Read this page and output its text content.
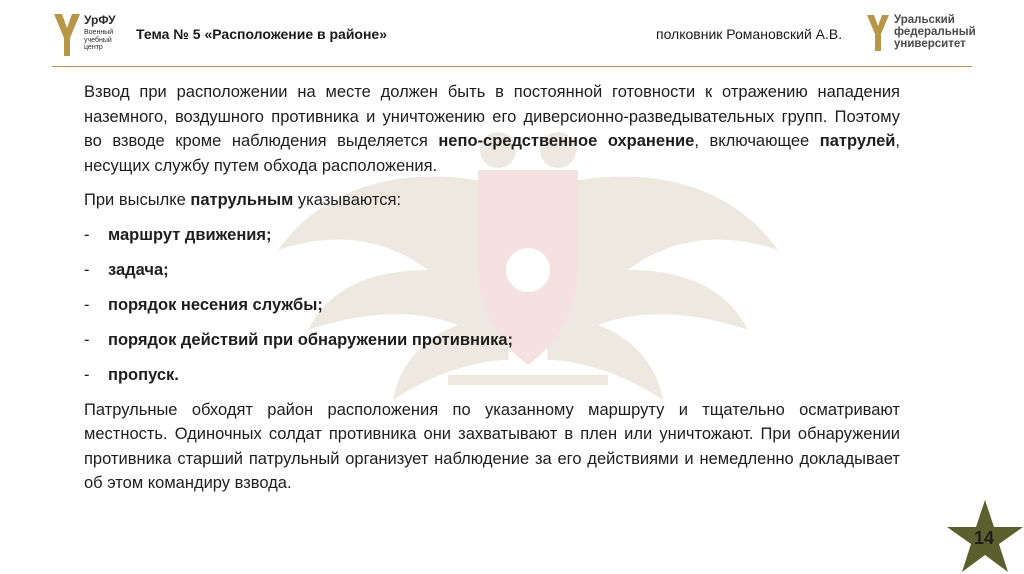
УрФУ
Военный учебный центр
Тема № 5 «Расположение в районе»	полковник Романовский А.В.
Уральский
федеральный
университет

Взвод при расположении на месте должен быть в постоянной готовности к отражению нападения наземного, воздушного противника и уничтожению его диверсионно-разведывательных групп. Поэтому во взводе кроме наблюдения выделяется непо-средственное охранение, включающее патрулей, несущих службу путем обхода расположения.

При высылке патрульным указываются:

-	маршрут движения;
-	задача;
-	порядок несения службы;
-	порядок действий при обнаружении противника;
-	пропуск.

Патрульные обходят район расположения по указанному маршруту и тщательно осматривают местность. Одиночных солдат противника они захватывают в плен или уничтожают. При обнаружении противника старший патрульный организует наблюдение за его действиями и немедленно докладывает об этом командиру взвода.

14
